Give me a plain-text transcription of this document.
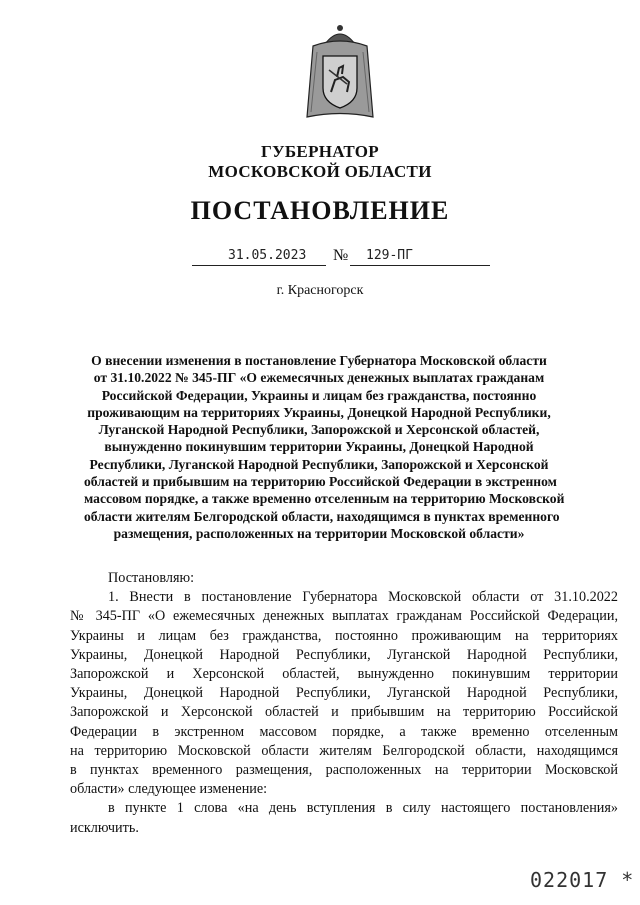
ГУБЕРНАТОР
МОСКОВСКОЙ ОБЛАСТИ
ПОСТАНОВЛЕНИЕ
31.05.2023 № 129-ПГ
г. Красногорск
О внесении изменения в постановление Губернатора Московской области
от 31.10.2022 № 345-ПГ «О ежемесячных денежных выплатах гражданам
Российской Федерации, Украины и лицам без гражданства, постоянно
проживающим на территориях Украины, Донецкой Народной Республики,
Луганской Народной Республики, Запорожской и Херсонской областей,
вынужденно покинувшим территории Украины, Донецкой Народной
Республики, Луганской Народной Республики, Запорожской и Херсонской
областей и прибывшим на территорию Российской Федерации в экстренном
массовом порядке, а также временно отселенным на территорию Московской
области жителям Белгородской области, находящимся в пунктах временного
размещения, расположенных на территории Московской области»
Постановляю:
1. Внести в постановление Губернатора Московской области от 31.10.2022
№ 345-ПГ «О ежемесячных денежных выплатах гражданам Российской Федерации,
Украины и лицам без гражданства, постоянно проживающим на территориях
Украины, Донецкой Народной Республики, Луганской Народной Республики,
Запорожской и Херсонской областей, вынужденно покинувшим территории
Украины, Донецкой Народной Республики, Луганской Народной Республики,
Запорожской и Херсонской областей и прибывшим на территорию Российской
Федерации в экстренном массовом порядке, а также временно отселенным
на территорию Московской области жителям Белгородской области, находящимся
в пунктах временного размещения, расположенных на территории Московской
области» следующее изменение:
в пункте 1 слова «на день вступления в силу настоящего постановления»
исключить.
022017 *
